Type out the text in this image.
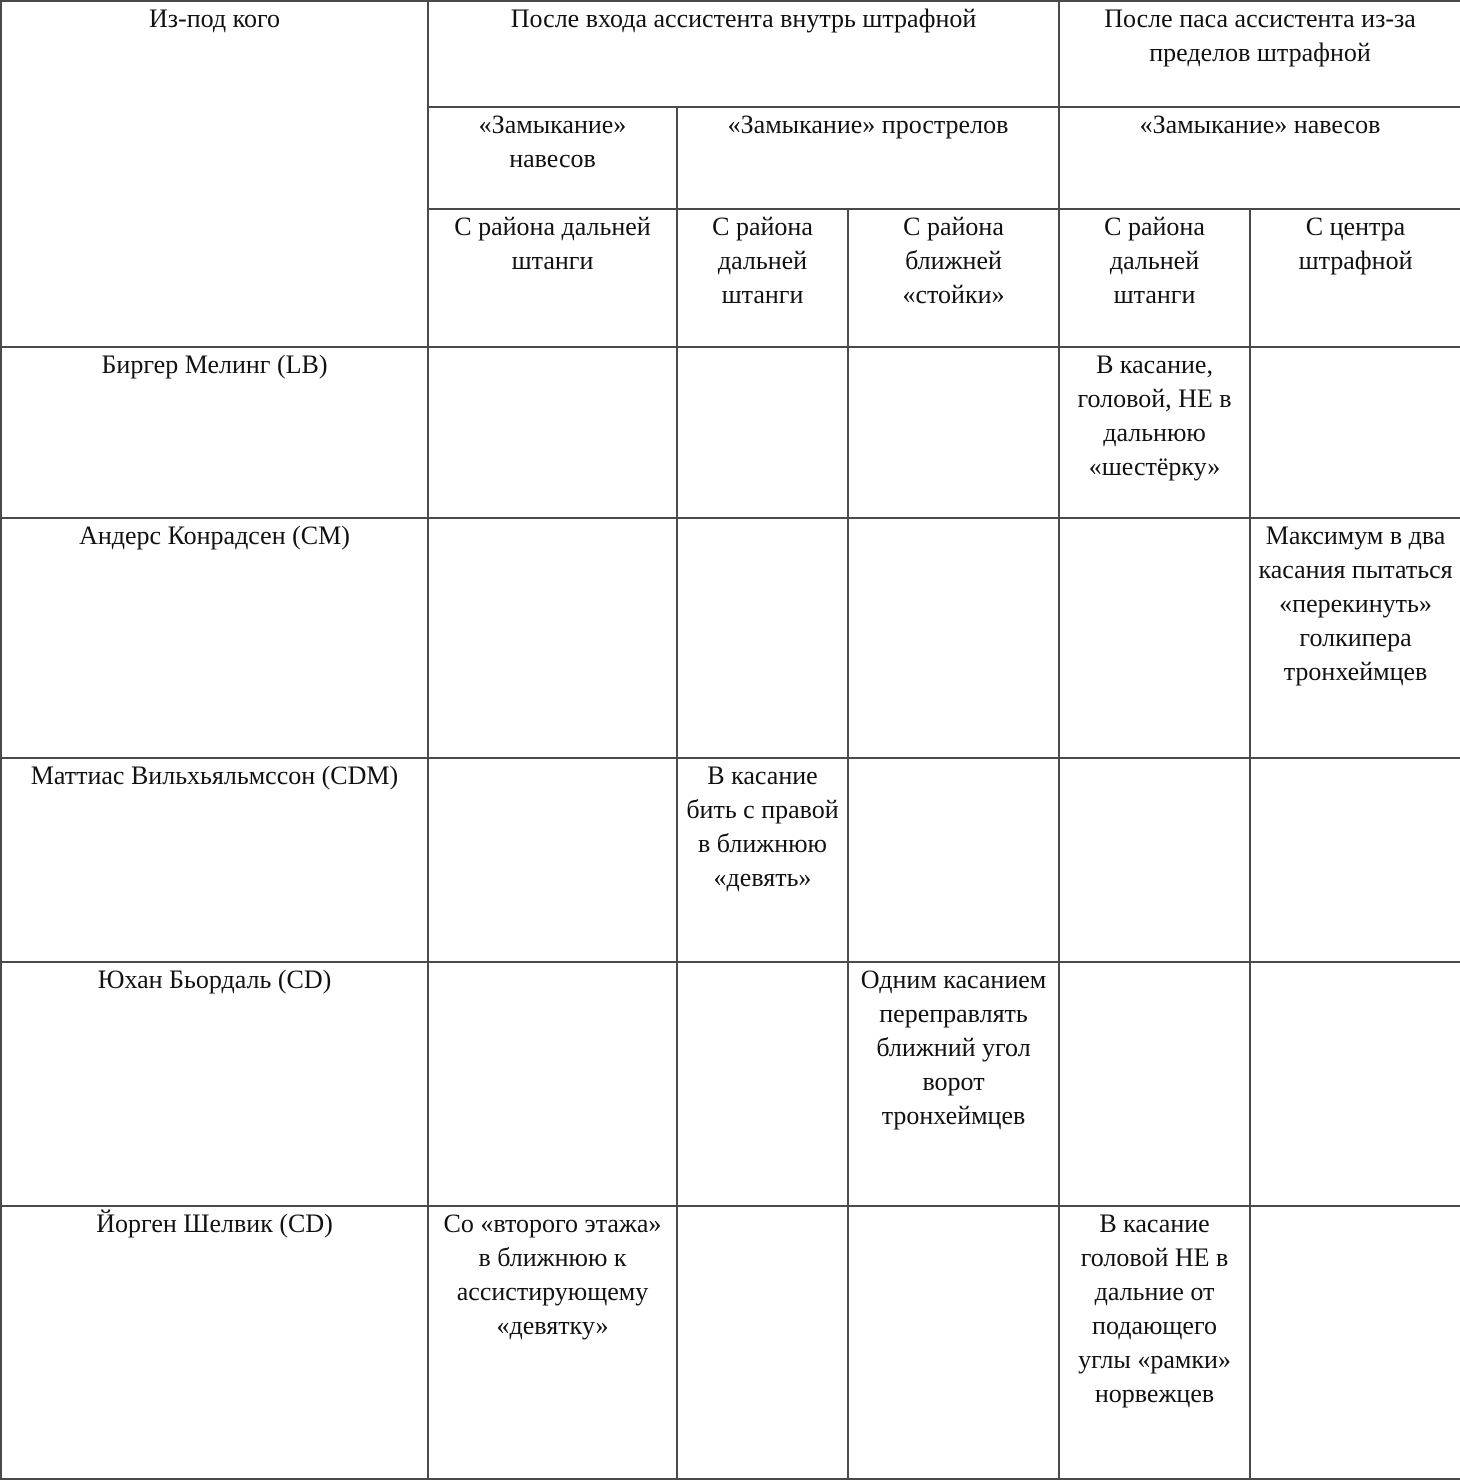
Из-под кого	После входа ассистента внутрь штрафной			После паса ассистента из-за пределов штрафной	
	«Замыкание» навесов	«Замыкание» прострелов		«Замыкание» навесов	
	С района дальней штанги	С района дальней штанги	С района ближней «стойки»	С района дальней штанги	С центра штрафной
Биргер Мелинг (LB)				В касание, головой, НЕ в дальнюю «шестёрку»	
Андерс Конрадсен (CM)					Максимум в два касания пытаться «перекинуть» голкипера тронхеймцев
Маттиас Вильхьяльмссон (CDM)		В касание бить с правой в ближнюю «девять»			
Юхан Бьордаль (CD)			Одним касанием переправлять ближний угол ворот тронхеймцев		
Йорген Шелвик (CD)	Со «второго этажа» в ближнюю к ассистирующему «девятку»			В касание головой НЕ в дальние от подающего углы «рамки» норвежцев	
